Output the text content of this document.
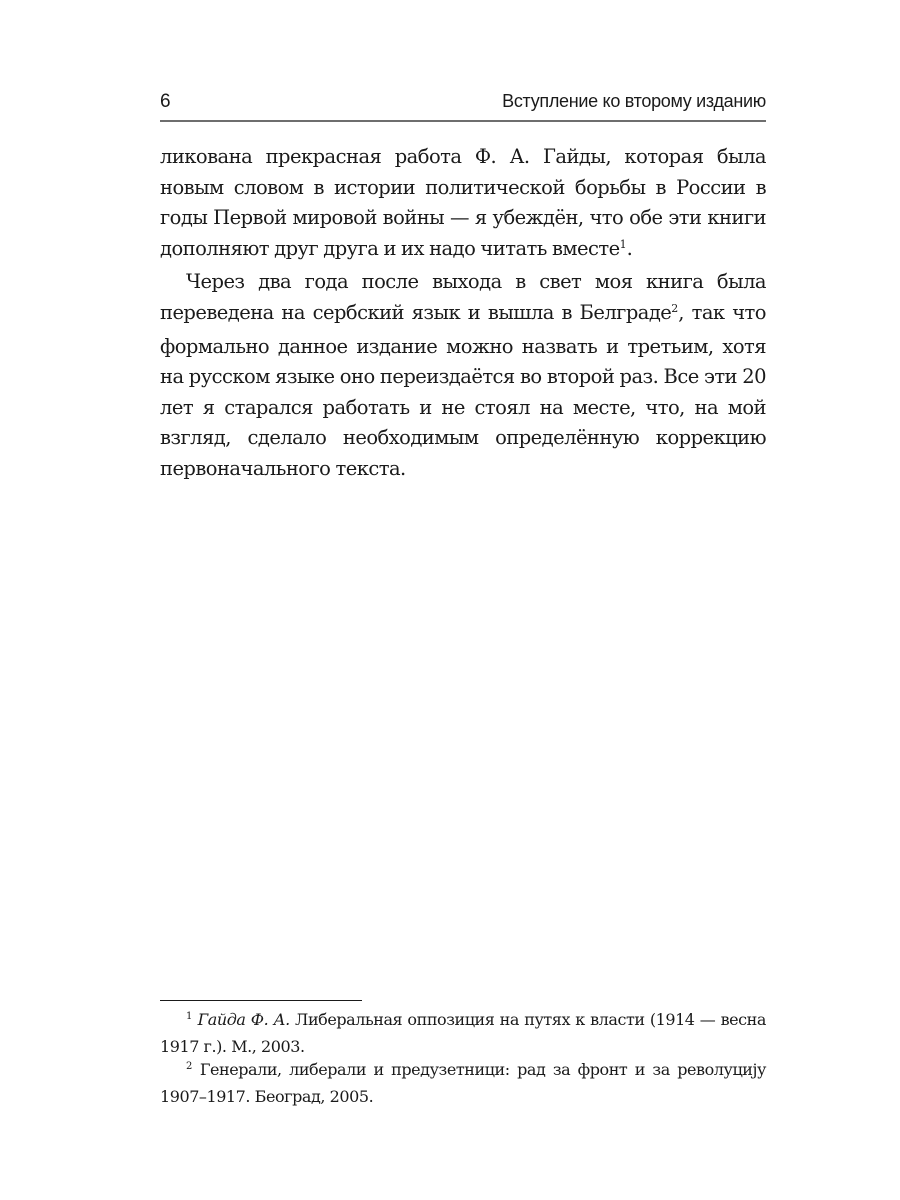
6	Вступление ко второму изданию

ликована прекрасная работа Ф. А. Гайды, которая была новым словом в истории политической борьбы в России в годы Первой мировой войны — я убеждён, что обе эти книги дополняют друг друга и их надо читать вместе$^1$.

Через два года после выхода в свет моя книга была переведена на сербский язык и вышла в Белграде$^2$, так что формально данное издание можно назвать и третьим, хотя на русском языке оно переиздаётся во второй раз. Все эти 20 лет я старался работать и не стоял на месте, что, на мой взгляд, сделало необходимым определённую коррекцию первоначального текста.

$^1$ Гайда Ф. А. Либеральная оппозиция на путях к власти (1914 — весна 1917 г.). М., 2003.

$^2$ Генерали, либерали и предузетници: рад за фронт и за револуцију 1907–1917. Београд, 2005.
